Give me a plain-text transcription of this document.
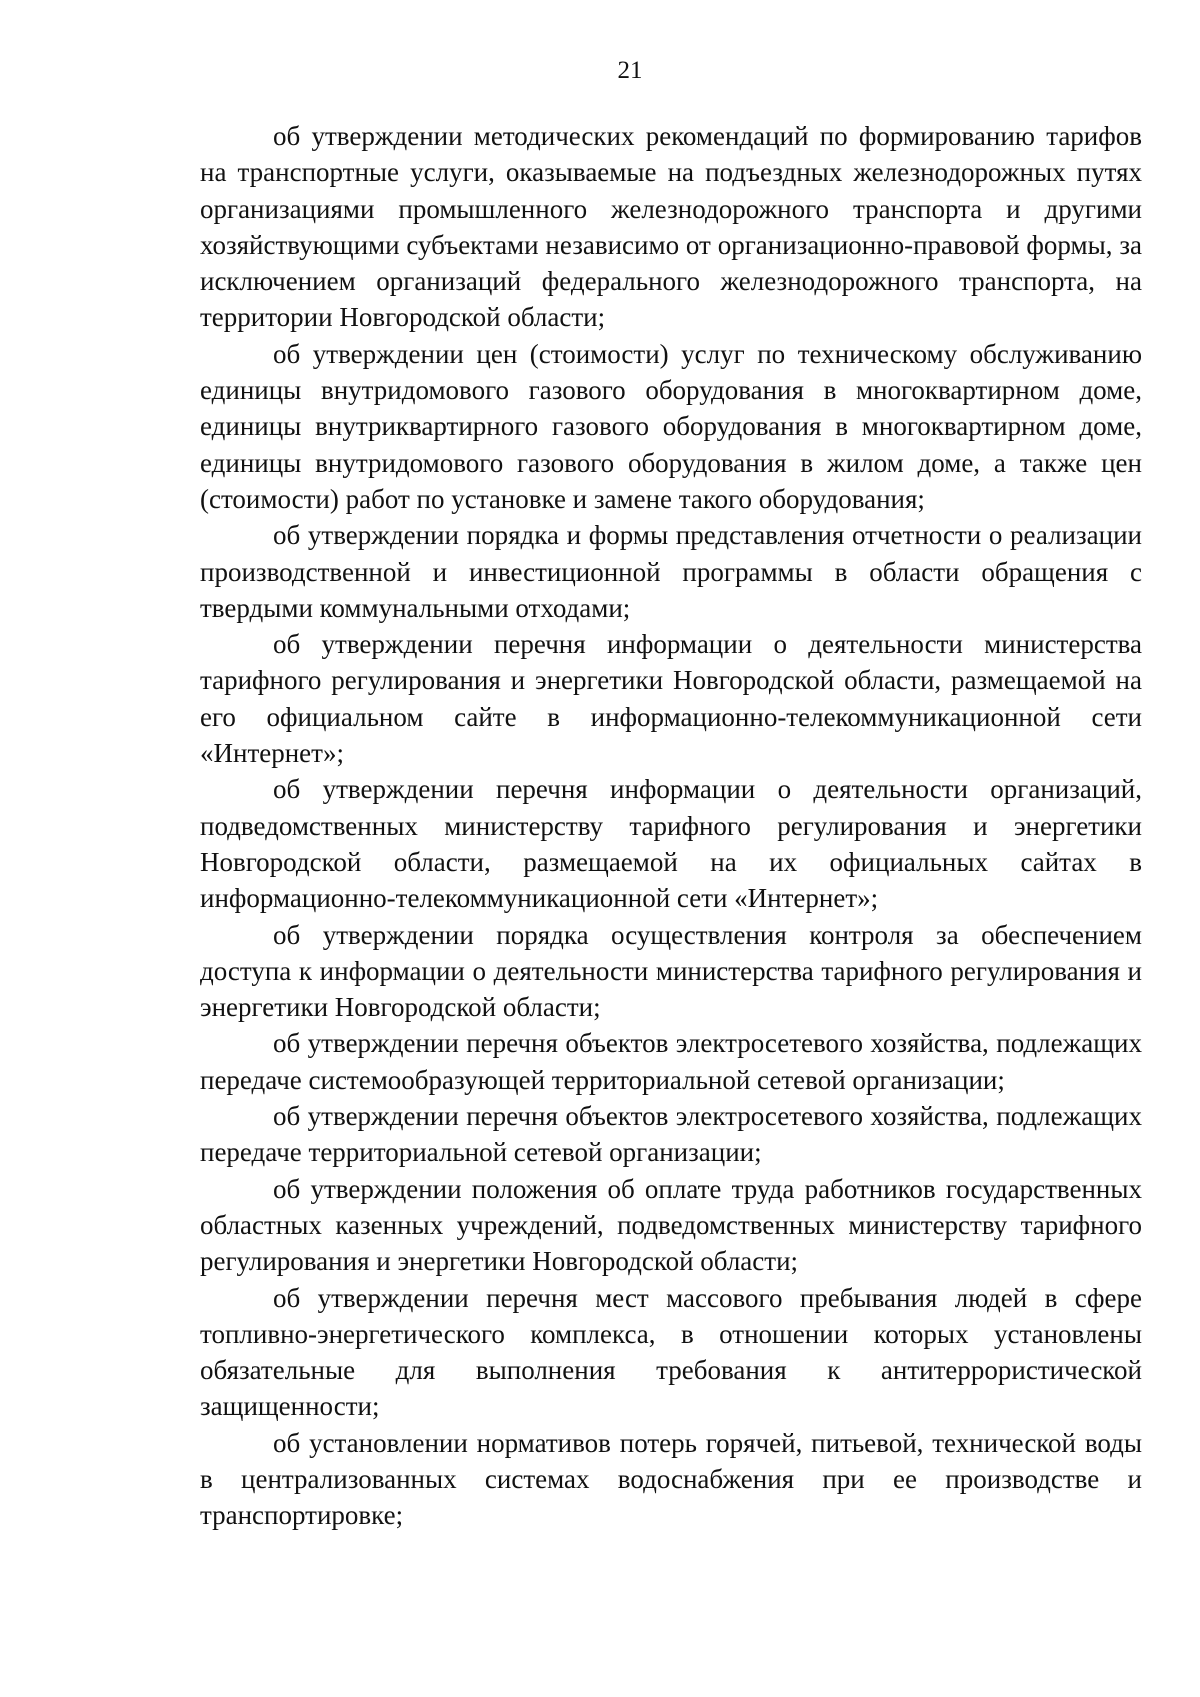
21

об утверждении методических рекомендаций по формированию тарифов на транспортные услуги, оказываемые на подъездных железнодорожных путях организациями промышленного железнодорожного транспорта и другими хозяйствующими субъектами независимо от организационно-правовой формы, за исключением организаций федерального железнодорожного транспорта, на территории Новгородской области;

об утверждении цен (стоимости) услуг по техническому обслуживанию единицы внутридомового газового оборудования в многоквартирном доме, единицы внутриквартирного газового оборудования в многоквартирном доме, единицы внутридомового газового оборудования в жилом доме, а также цен (стоимости) работ по установке и замене такого оборудования;

об утверждении порядка и формы представления отчетности о реализации производственной и инвестиционной программы в области обращения с твердыми коммунальными отходами;

об утверждении перечня информации о деятельности министерства тарифного регулирования и энергетики Новгородской области, размещаемой на его официальном сайте в информационно-телекоммуникационной сети «Интернет»;

об утверждении перечня информации о деятельности организаций, подведомственных министерству тарифного регулирования и энергетики Новгородской области, размещаемой на их официальных сайтах в информационно-телекоммуникационной сети «Интернет»;

об утверждении порядка осуществления контроля за обеспечением доступа к информации о деятельности министерства тарифного регулирования и энергетики Новгородской области;

об утверждении перечня объектов электросетевого хозяйства, подлежащих передаче системообразующей территориальной сетевой организации;

об утверждении перечня объектов электросетевого хозяйства, подлежащих передаче территориальной сетевой организации;

об утверждении положения об оплате труда работников государственных областных казенных учреждений, подведомственных министерству тарифного регулирования и энергетики Новгородской области;

об утверждении перечня мест массового пребывания людей в сфере топливно-энергетического комплекса, в отношении которых установлены обязательные для выполнения требования к антитеррористической защищенности;

об установлении нормативов потерь горячей, питьевой, технической воды в централизованных системах водоснабжения при ее производстве и транспортировке;
